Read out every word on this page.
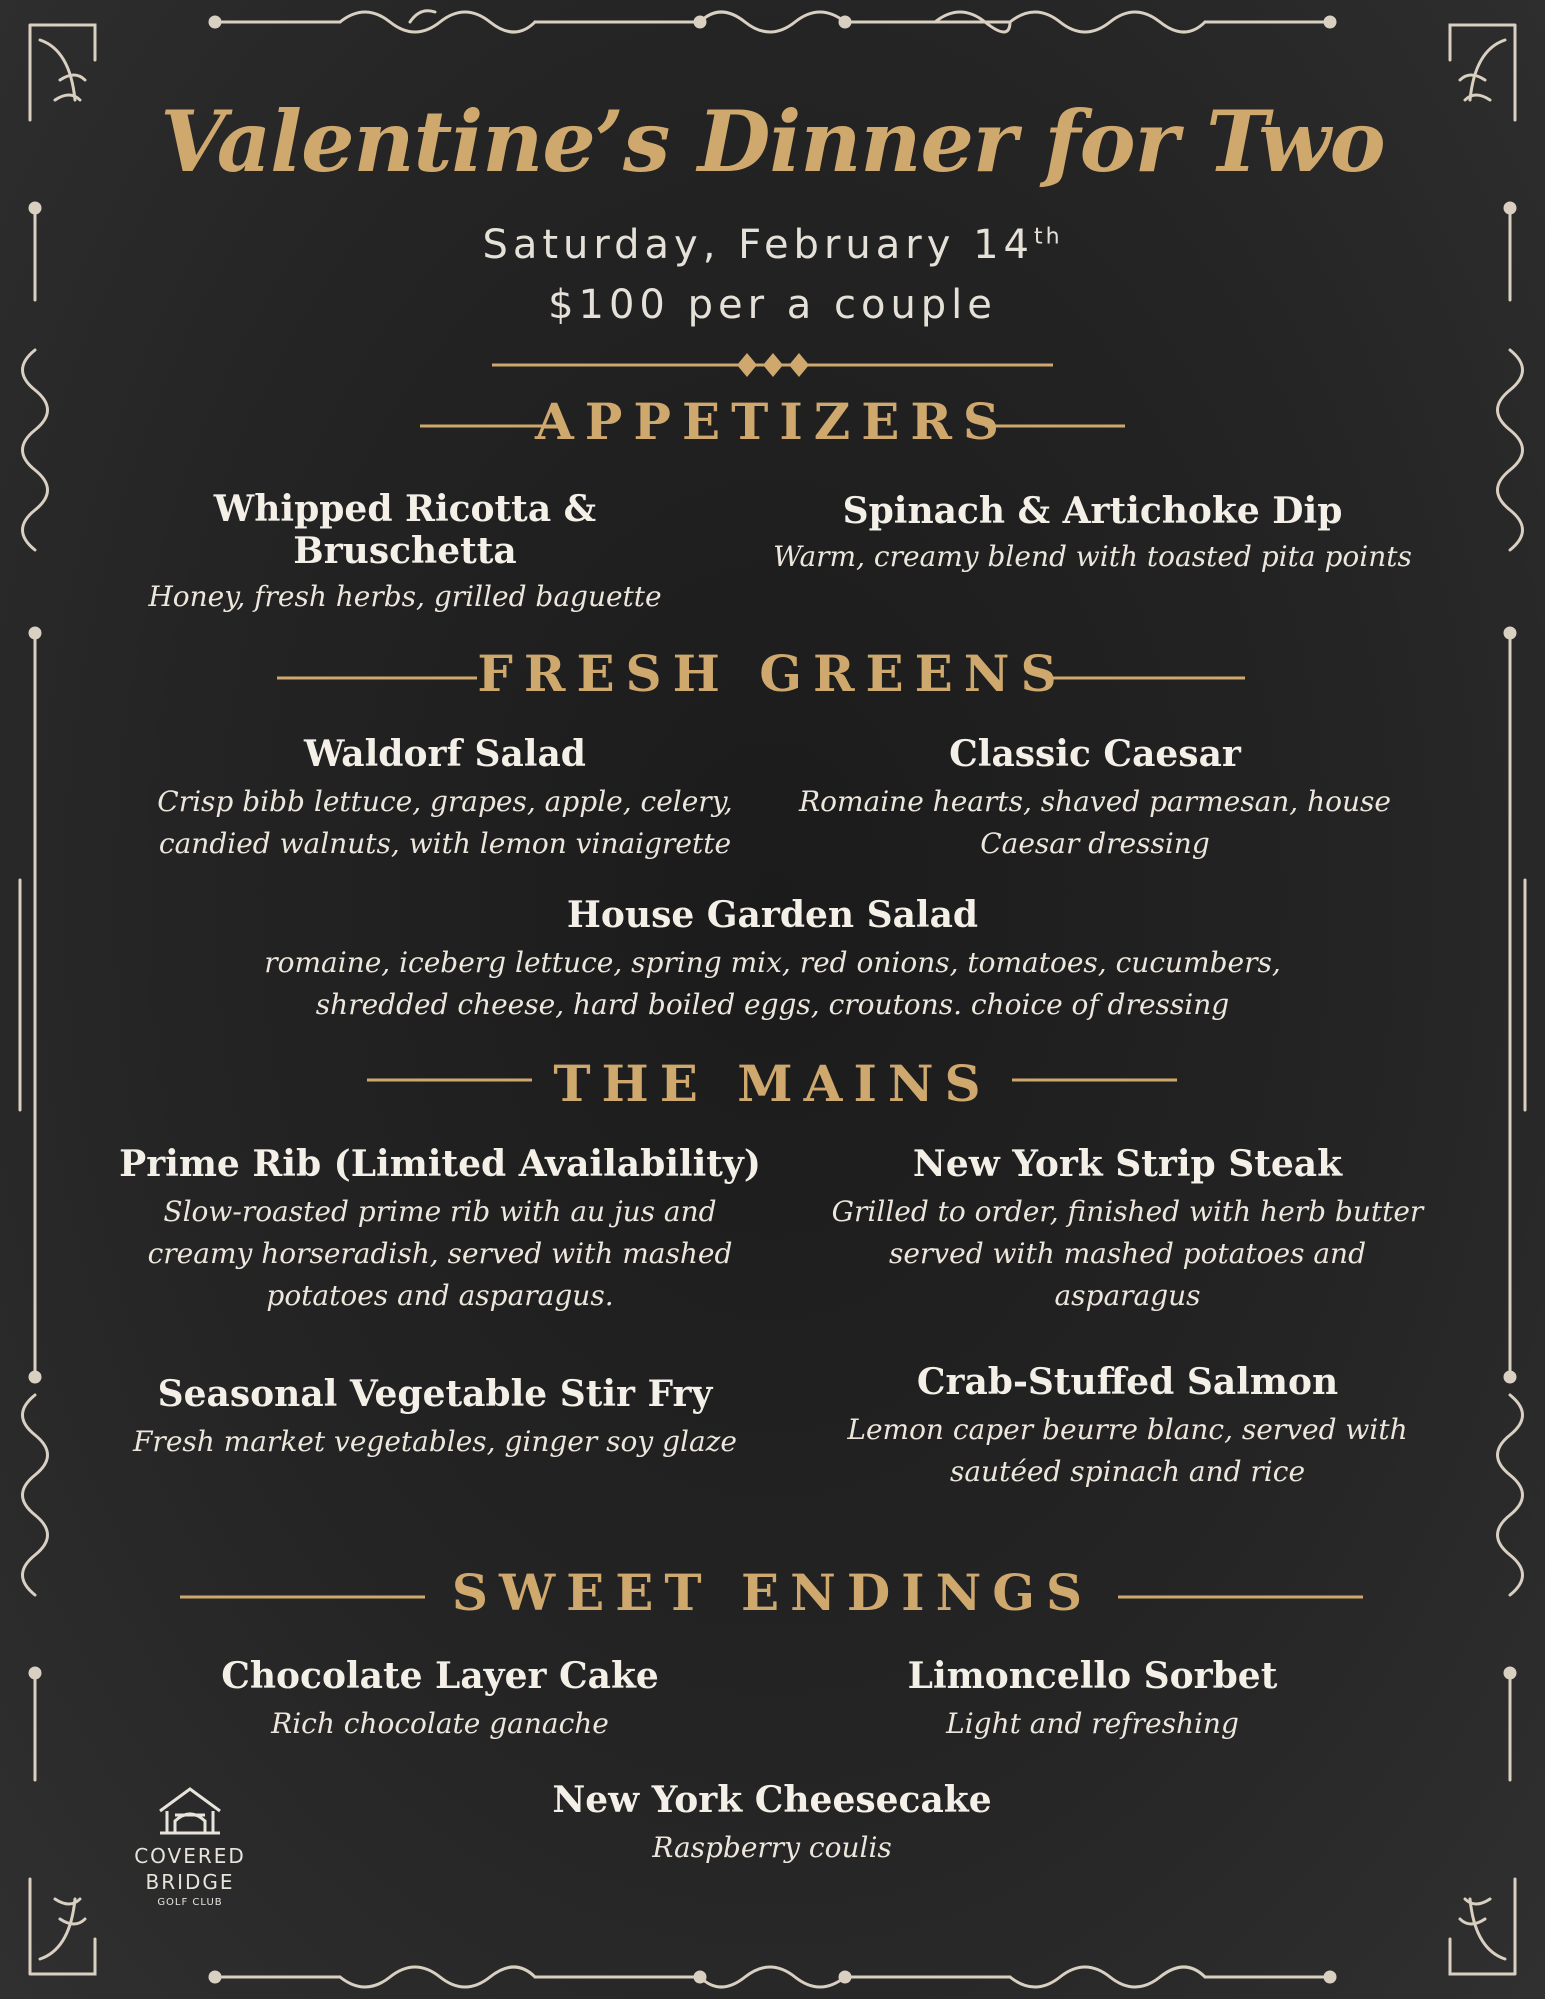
Valentine’s Dinner for Two
Saturday, February 14th
$100 per a couple
APPETIZERS
Whipped Ricotta & Bruschetta
Honey, fresh herbs, grilled baguette
Spinach & Artichoke Dip
Warm, creamy blend with toasted pita points
FRESH GREENS
Waldorf Salad
Crisp bibb lettuce, grapes, apple, celery,
candied walnuts, with lemon vinaigrette
Classic Caesar
Romaine hearts, shaved parmesan, house
Caesar dressing
House Garden Salad
romaine, iceberg lettuce, spring mix, red onions, tomatoes, cucumbers,
shredded cheese, hard boiled eggs, croutons. choice of dressing
THE MAINS
Prime Rib (Limited Availability)
Slow-roasted prime rib with au jus and
creamy horseradish, served with mashed
potatoes and asparagus.
New York Strip Steak
Grilled to order, finished with herb butter
served with mashed potatoes and
asparagus
Seasonal Vegetable Stir Fry
Fresh market vegetables, ginger soy glaze
Crab-Stuffed Salmon
Lemon caper beurre blanc, served with
sautéed spinach and rice
SWEET ENDINGS
Chocolate Layer Cake
Rich chocolate ganache
Limoncello Sorbet
Light and refreshing
New York Cheesecake
Raspberry coulis
COVERED
BRIDGE
GOLF CLUB
